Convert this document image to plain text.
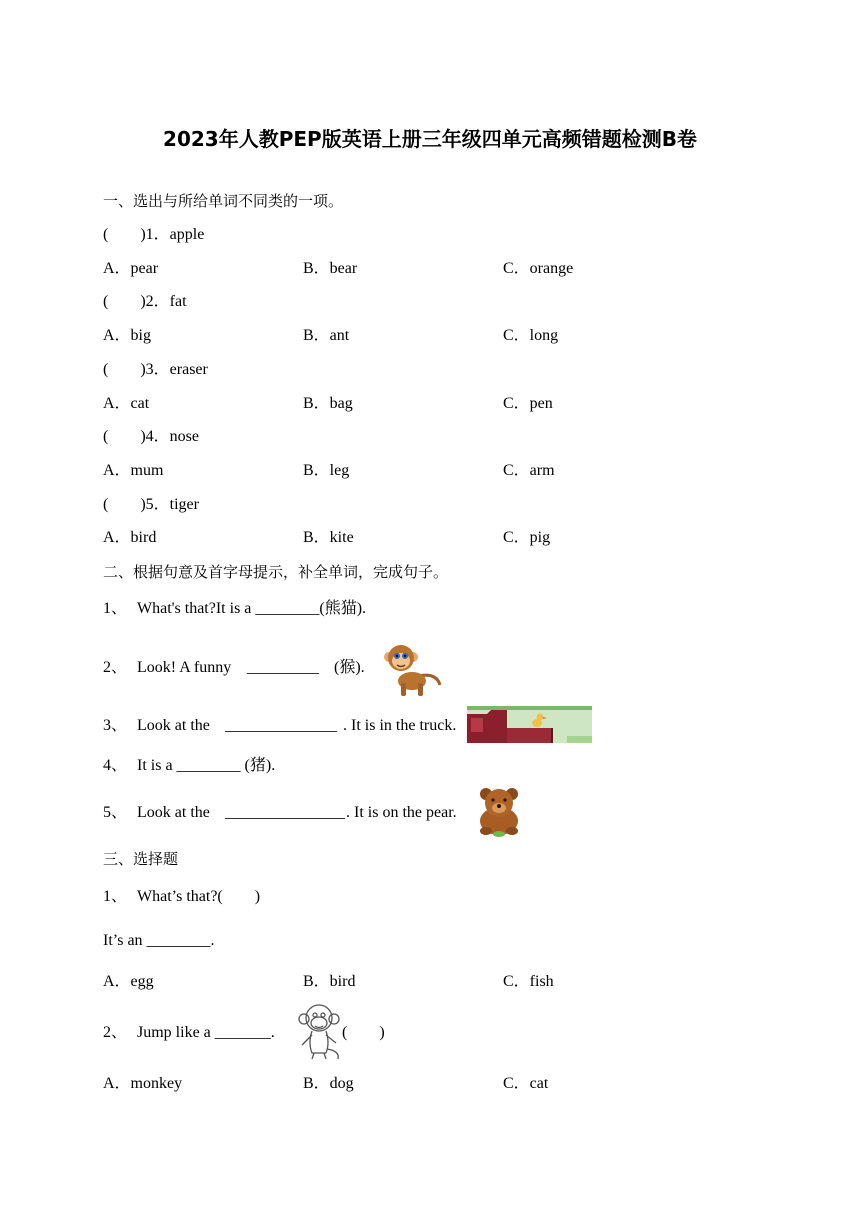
2023年人教PEP版英语上册三年级四单元高频错题检测B卷
一、选出与所给单词不同类的一项。
(　　)1．apple
A．pear	B．bear	C．orange
(　　)2．fat
A．big	B．ant	C．long
(　　)3．eraser
A．cat	B．bag	C．pen
(　　)4．nose
A．mum	B．leg	C．arm
(　　)5．tiger
A．bird	B．kite	C．pig
二、根据句意及首字母提示，补全单词，完成句子。
1、 What's that?It is a ________(熊猫).
2、 Look! A funny _________ (猴).
3、 Look at the ______________ . It is in the truck.
4、 It is a ________ (猪).
5、 Look at the _______________ . It is on the pear.
三、选择题
1、 What’s that?(　　)
It’s an ________.
A．egg	B．bird	C．fish
2、 Jump like a _______.	(　　)
A．monkey	B．dog	C．cat
